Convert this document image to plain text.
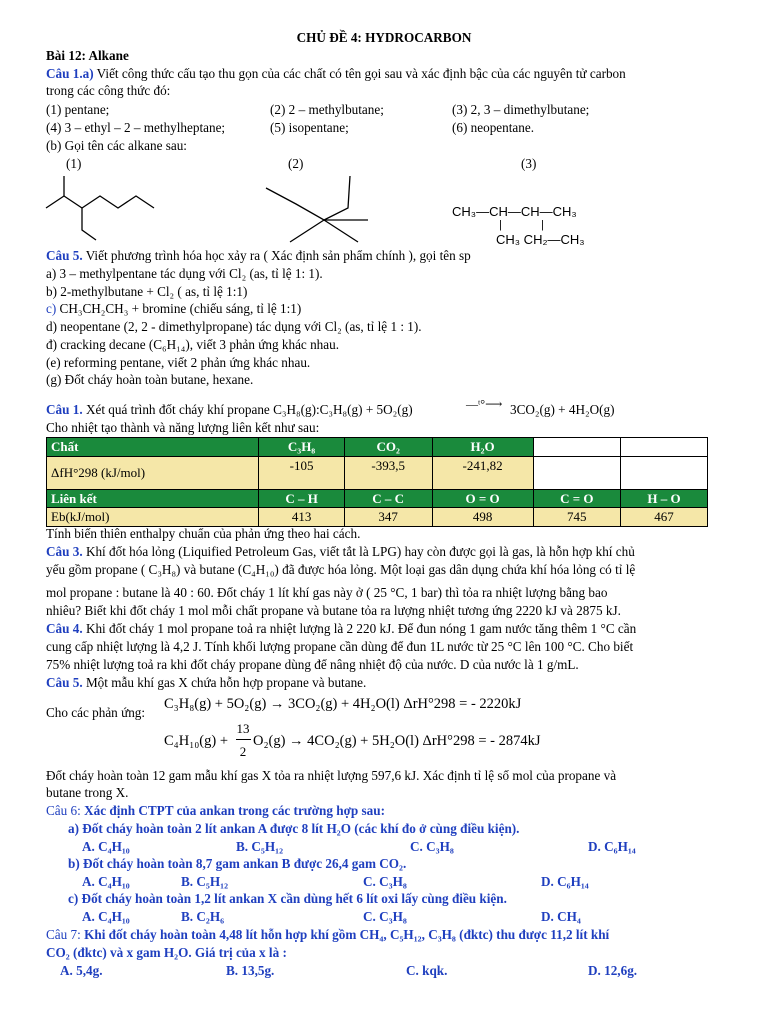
CHỦ ĐỀ 4: HYDROCARBON
Bài 12: Alkane
Câu 1.a) Viết công thức cấu tạo thu gọn của các chất có tên gọi sau và xác định bậc của các nguyên tử carbon
trong các công thức đó:
(1) pentane;	(2) 2 – methylbutane;	(3) 2, 3 – dimethylbutane;
(4) 3 – ethyl – 2 – methylheptane;	(5) isopentane;	(6) neopentane.
(b) Gọi tên các alkane sau:
(1)	(2)	(3)
CH₃—CH—CH—CH₃
|	|
CH₃ CH₂—CH₃
Câu 5. Viết phương trình hóa học xảy ra ( Xác định sản phẩm chính ), gọi tên sp
a) 3 – methylpentane tác dụng với Cl₂ (as, tỉ lệ 1: 1).
b) 2-methylbutane + Cl₂ ( as, tỉ lệ 1:1)
c) CH₃CH₂CH₃ + bromine (chiếu sáng, tỉ lệ 1:1)
d) neopentane (2, 2 - dimethylpropane) tác dụng với Cl₂ (as, tỉ lệ 1 : 1).
đ) cracking decane (C₆H₁₄), viết 3 phản ứng khác nhau.
(e) reforming pentane, viết 2 phản ứng khác nhau.
(g) Đốt cháy hoàn toàn butane, hexane.
Câu 1. Xét quá trình đốt cháy khí propane C₃H₈(g):C₃H₈(g) + 5O₂(g)	—ᵗ°⟶ 3CO₂(g) + 4H₂O(g)
Cho nhiệt tạo thành và năng lượng liên kết như sau:
Chất	C₃H₈	CO₂	H₂O		
ΔfH°298 (kJ/mol)	-105	-393,5	-241,82		
Liên kết	C – H	C – C	O = O	C = O	H – O
Eb(kJ/mol)	413	347	498	745	467
Tính biến thiên enthalpy chuẩn của phản ứng theo hai cách.
Câu 3. Khí đốt hóa lỏng (Liquified Petroleum Gas, viết tắt là LPG) hay còn được gọi là gas, là hỗn hợp khí chủ
yếu gồm propane ( C₃H₈) và butane (C₄H₁₀) đã được hóa lỏng. Một loại gas dân dụng chứa khí hóa lỏng có tỉ lệ
mol propane : butane là 40 : 60. Đốt cháy 1 lít khí gas này ở ( 25 °C, 1 bar) thì tỏa ra nhiệt lượng bằng bao
nhiêu? Biết khi đốt cháy 1 mol mỗi chất propane và butane tỏa ra lượng nhiệt tương ứng 2220 kJ và 2875 kJ.
Câu 4. Khi đốt cháy 1 mol propane toả ra nhiệt lượng là 2 220 kJ. Để đun nóng 1 gam nước tăng thêm 1 °C cần
cung cấp nhiệt lượng là 4,2 J. Tính khối lượng propane cần dùng để đun 1L nước từ 25 °C lên 100 °C. Cho biết
75% nhiệt lượng toả ra khi đốt cháy propane dùng để nâng nhiệt độ của nước. D của nước là 1 g/mL.
Câu 5. Một mẫu khí gas X chứa hỗn hợp propane và butane.
Cho các phản ứng:
C₃H₈(g) + 5O₂(g) → 3CO₂(g) + 4H₂O(l) ΔrH°298 = - 2220kJ
C₄H₁₀(g) +
13
2
O₂(g) → 4CO₂(g) + 5H₂O(l) ΔrH°298 = - 2874kJ
Đốt cháy hoàn toàn 12 gam mẫu khí gas X tỏa ra nhiệt lượng 597,6 kJ. Xác định tỉ lệ số mol của propane và
butane trong X.
Câu 6: Xác định CTPT của ankan trong các trường hợp sau:
a) Đốt cháy hoàn toàn 2 lít ankan A được 8 lít H₂O (các khí đo ở cùng điều kiện).
A. C₄H₁₀	B. C₅H₁₂	C. C₃H₈	D. C₆H₁₄
b) Đốt cháy hoàn toàn 8,7 gam ankan B được 26,4 gam CO₂.
A. C₄H₁₀	B. C₅H₁₂	C. C₃H₈	D. C₆H₁₄
c) Đốt cháy hoàn toàn 1,2 lít ankan X cần dùng hết 6 lít oxi lấy cùng điều kiện.
A. C₄H₁₀	B. C₂H₆	C. C₃H₈	D. CH₄
Câu 7: Khi đốt cháy hoàn toàn 4,48 lít hỗn hợp khí gồm CH₄, C₅H₁₂, C₃H₈ (đktc) thu được 11,2 lít khí
CO₂ (đktc) và x gam H₂O. Giá trị của x là :
A. 5,4g.	B. 13,5g.	C. kqk.	D. 12,6g.
